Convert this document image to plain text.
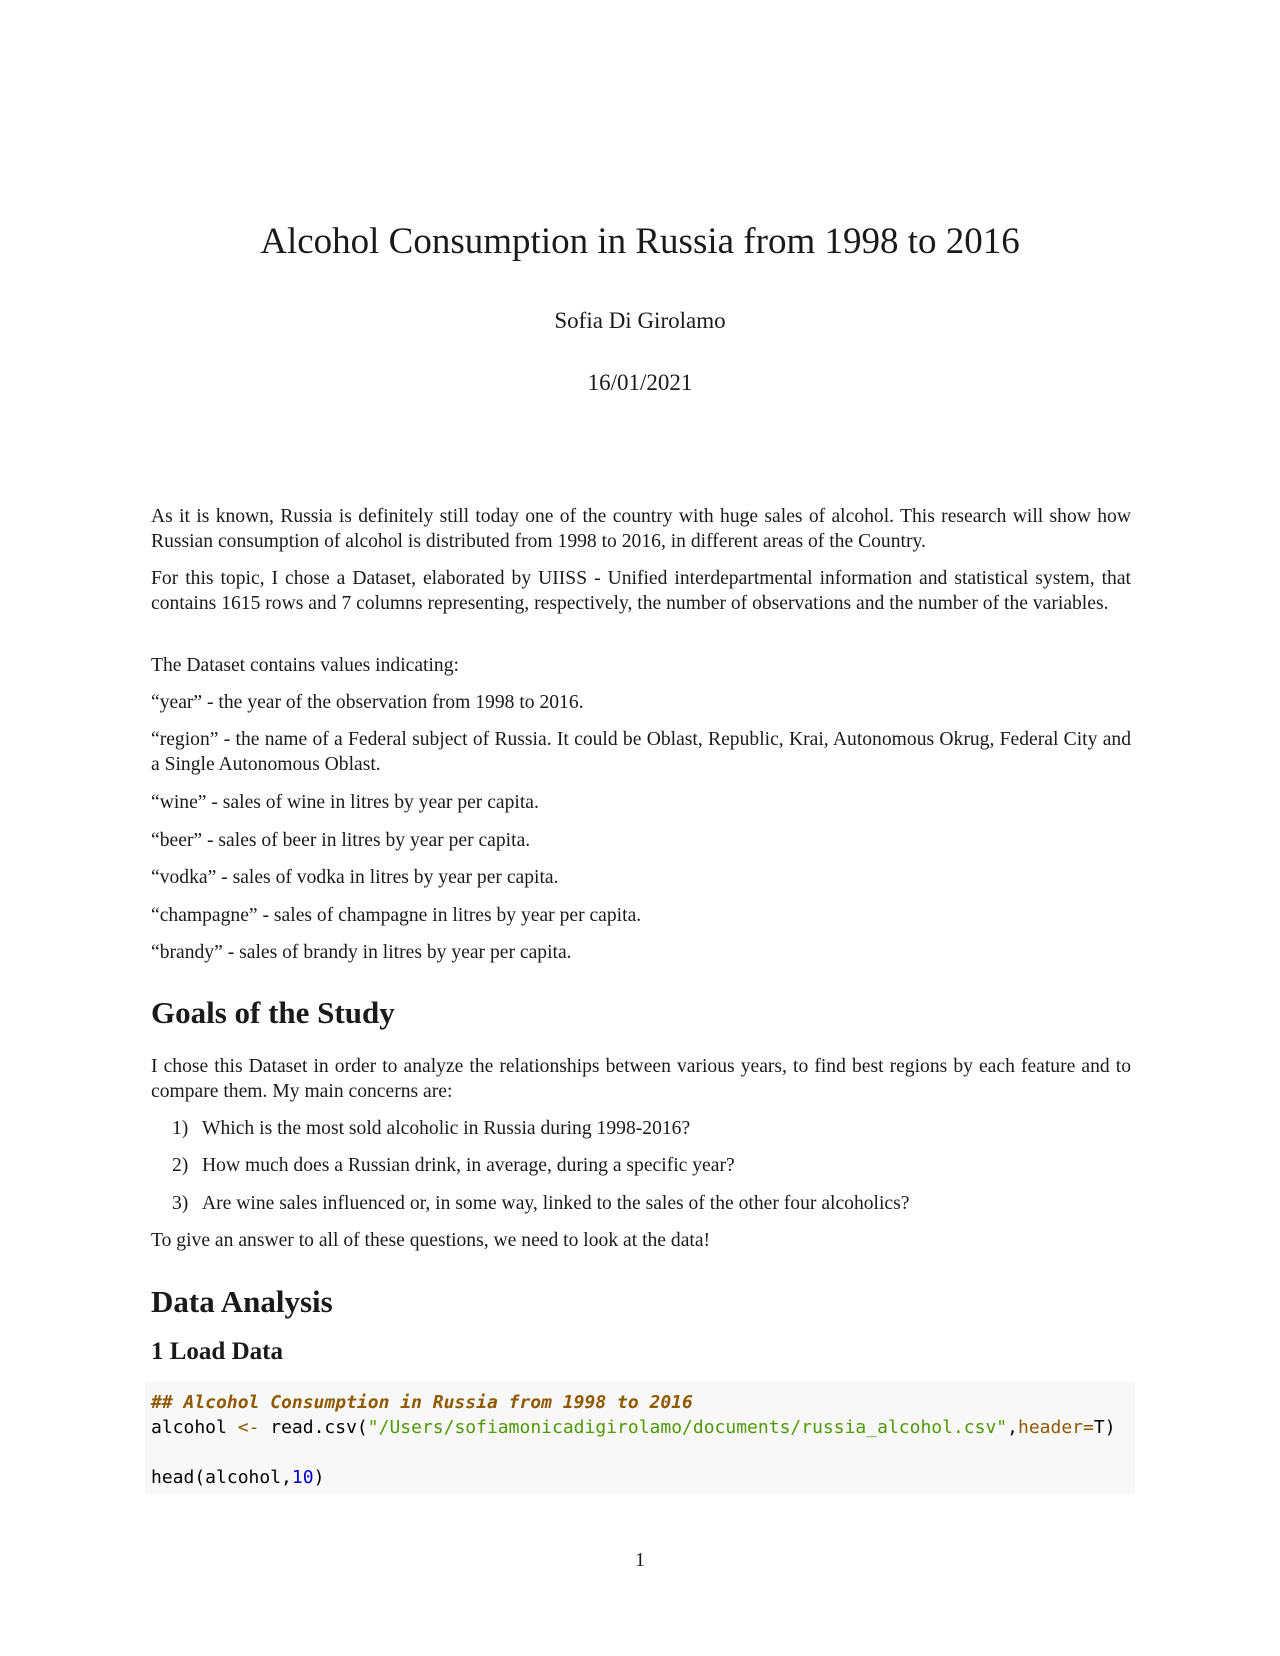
Alcohol Consumption in Russia from 1998 to 2016
Sofia Di Girolamo
16/01/2021

As it is known, Russia is definitely still today one of the country with huge sales of alcohol. This research will show how Russian consumption of alcohol is distributed from 1998 to 2016, in different areas of the Country.

For this topic, I chose a Dataset, elaborated by UIISS - Unified interdepartmental information and statistical system, that contains 1615 rows and 7 columns representing, respectively, the number of observations and the number of the variables.

The Dataset contains values indicating:

“year” - the year of the observation from 1998 to 2016.

“region” - the name of a Federal subject of Russia. It could be Oblast, Republic, Krai, Autonomous Okrug, Federal City and a Single Autonomous Oblast.

“wine” - sales of wine in litres by year per capita.

“beer” - sales of beer in litres by year per capita.

“vodka” - sales of vodka in litres by year per capita.

“champagne” - sales of champagne in litres by year per capita.

“brandy” - sales of brandy in litres by year per capita.

Goals of the Study

I chose this Dataset in order to analyze the relationships between various years, to find best regions by each feature and to compare them. My main concerns are:

1) Which is the most sold alcoholic in Russia during 1998-2016?
2) How much does a Russian drink, in average, during a specific year?
3) Are wine sales influenced or, in some way, linked to the sales of the other four alcoholics?

To give an answer to all of these questions, we need to look at the data!

Data Analysis
1 Load Data
## Alcohol Consumption in Russia from 1998 to 2016
alcohol <- read.csv("/Users/sofiamonicadigirolamo/documents/russia_alcohol.csv",header=T)
head(alcohol,10)
1
